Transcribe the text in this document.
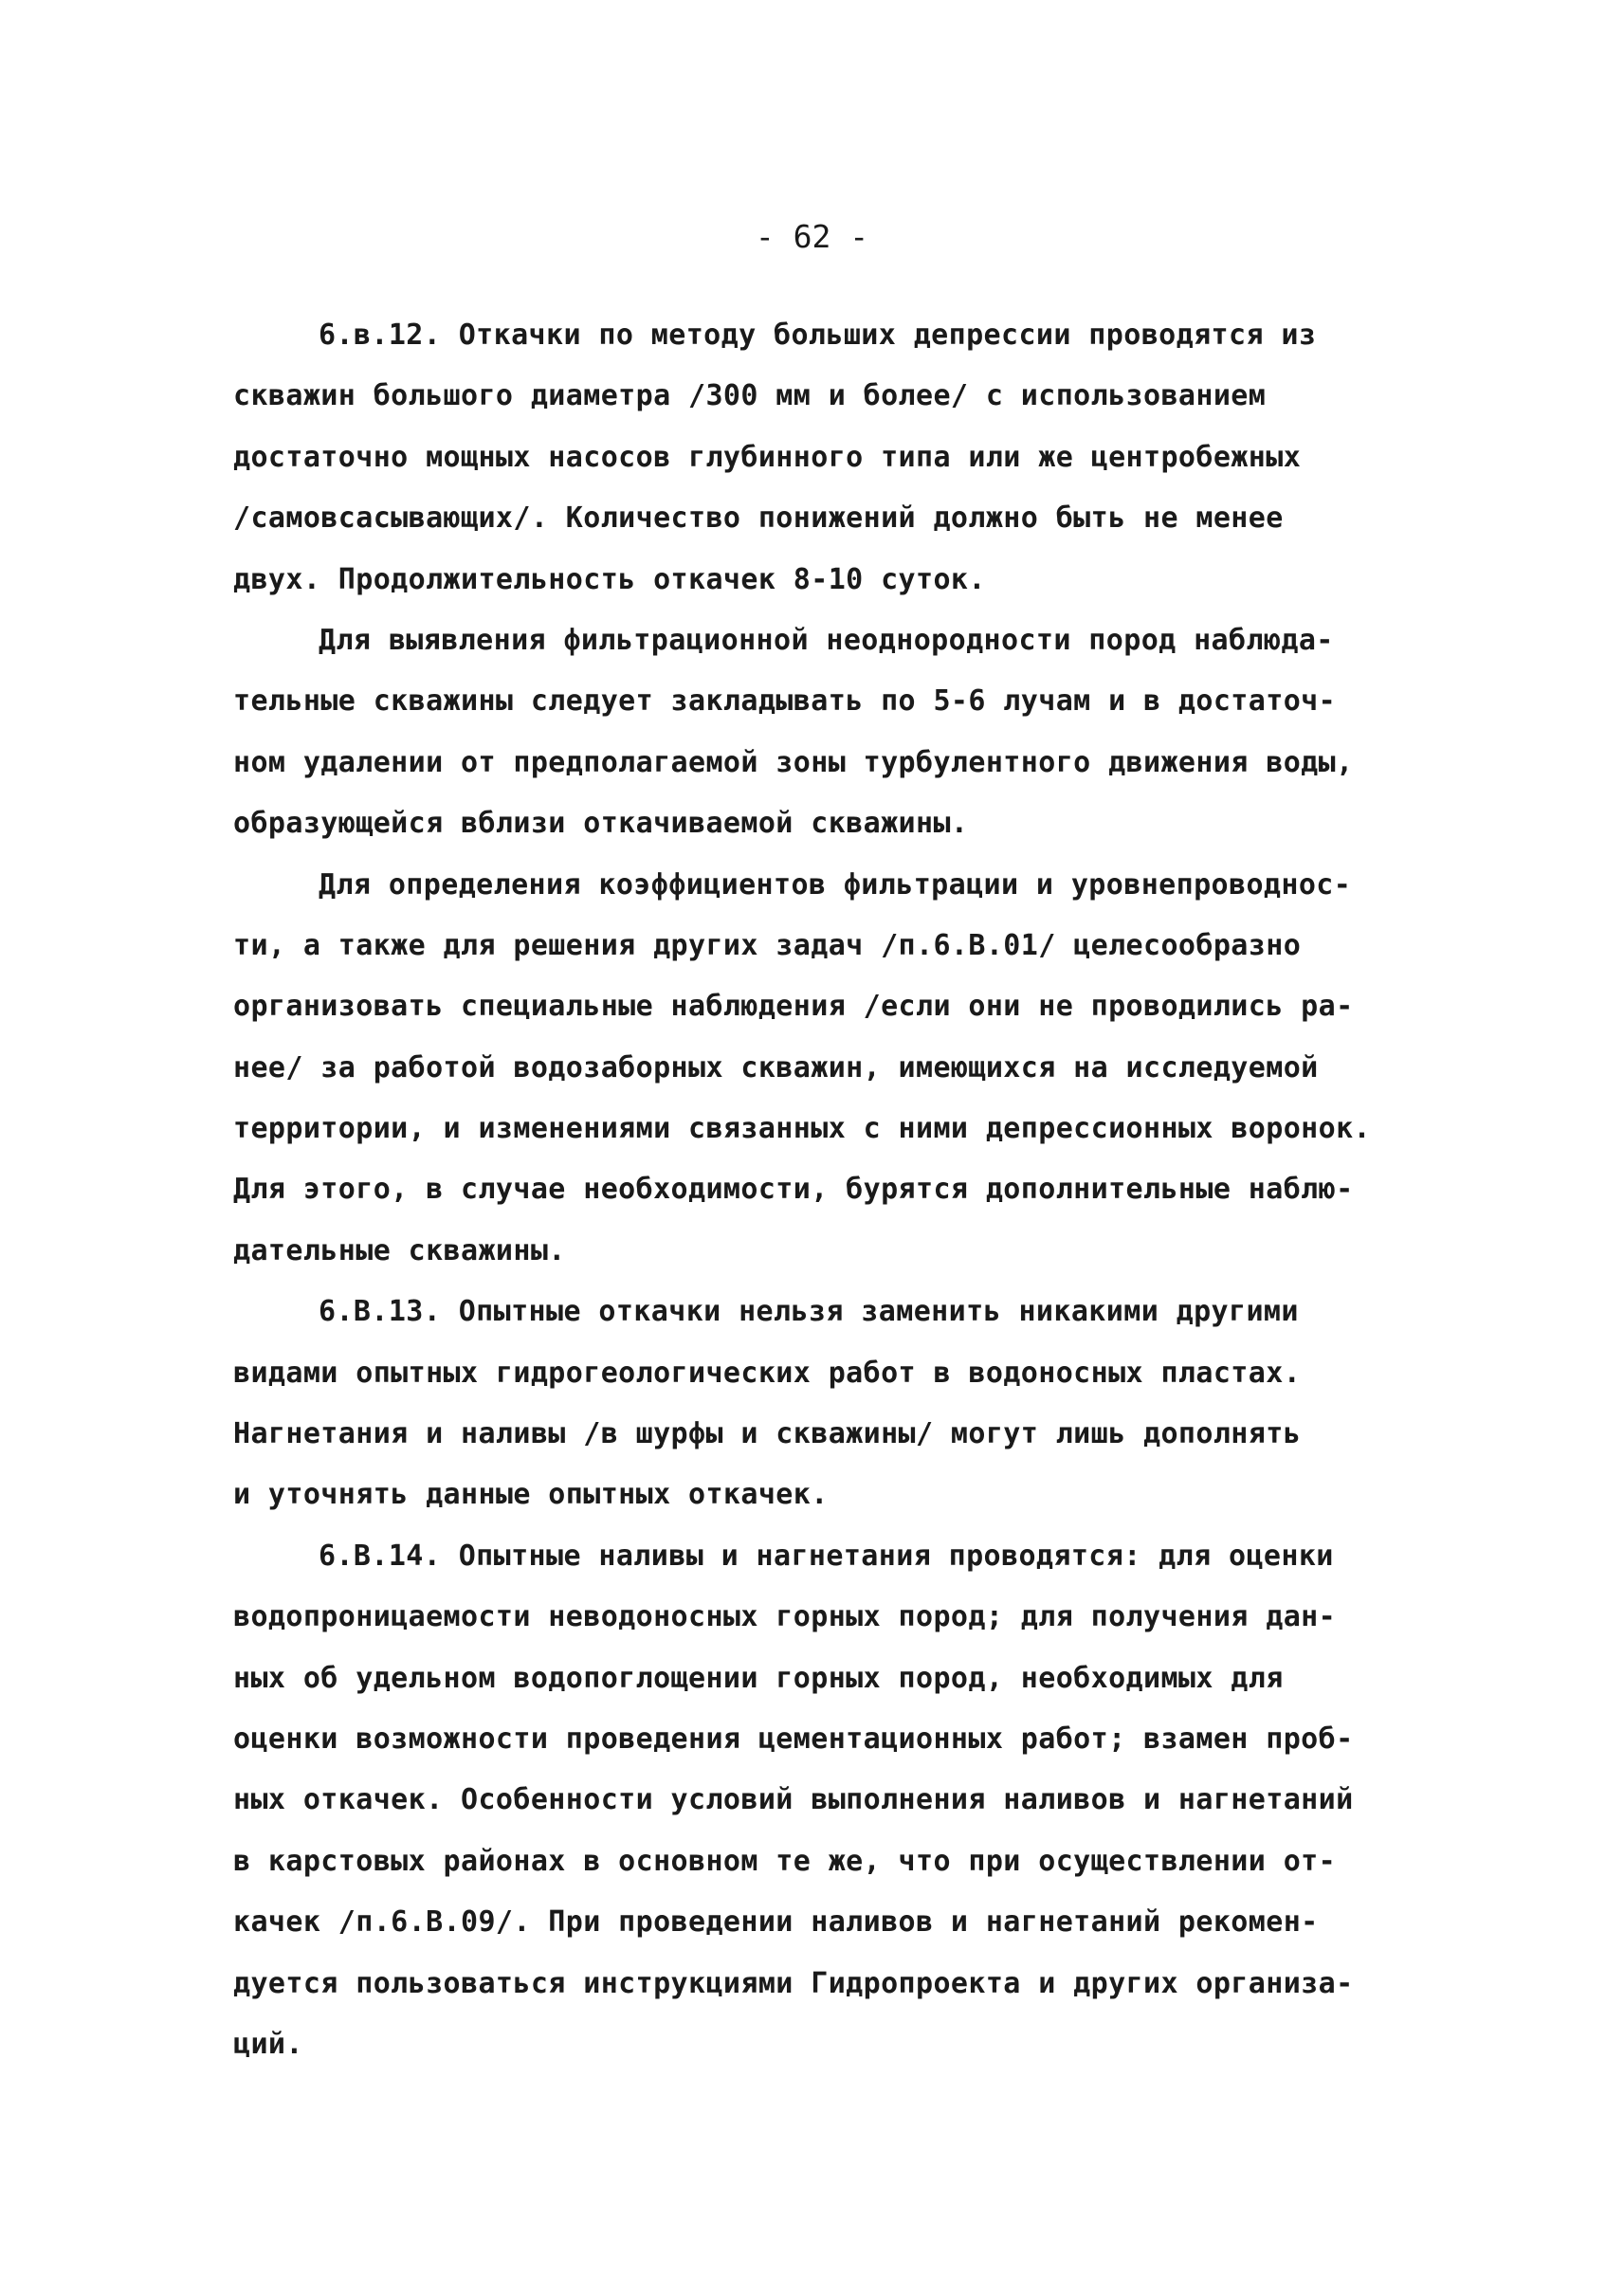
- 62 -
6.в.12. Откачки по методу больших депрессии проводятся из
скважин большого диаметра /300 мм и более/ с использованием
достаточно мощных насосов глубинного типа или же центробежных
/самовсасывающих/. Количество понижений должно быть не менее
двух. Продолжительность откачек 8-10 суток.
Для выявления фильтрационной неоднородности пород наблюда-
тельные скважины следует закладывать по 5-6 лучам и в достаточ-
ном удалении от предполагаемой зоны турбулентного движения воды,
образующейся вблизи откачиваемой скважины.
Для определения коэффициентов фильтрации и уровнепроводнос-
ти, а также для решения других задач /п.6.В.01/ целесообразно
организовать специальные наблюдения /если они не проводились ра-
нее/ за работой водозаборных скважин, имеющихся на исследуемой
территории, и изменениями связанных с ними депрессионных воронок.
Для этого, в случае необходимости, бурятся дополнительные наблю-
дательные скважины.
6.В.13. Опытные откачки нельзя заменить никакими другими
видами опытных гидрогеологических работ в водоносных пластах.
Нагнетания и наливы /в шурфы и скважины/ могут лишь дополнять
и уточнять данные опытных откачек.
6.В.14. Опытные наливы и нагнетания проводятся: для оценки
водопроницаемости неводоносных горных пород; для получения дан-
ных об удельном водопоглощении горных пород, необходимых для
оценки возможности проведения цементационных работ; взамен проб-
ных откачек. Особенности условий выполнения наливов и нагнетаний
в карстовых районах в основном те же, что при осуществлении от-
качек /п.6.В.09/. При проведении наливов и нагнетаний рекомен-
дуется пользоваться инструкциями Гидропроекта и других организа-
ций.
